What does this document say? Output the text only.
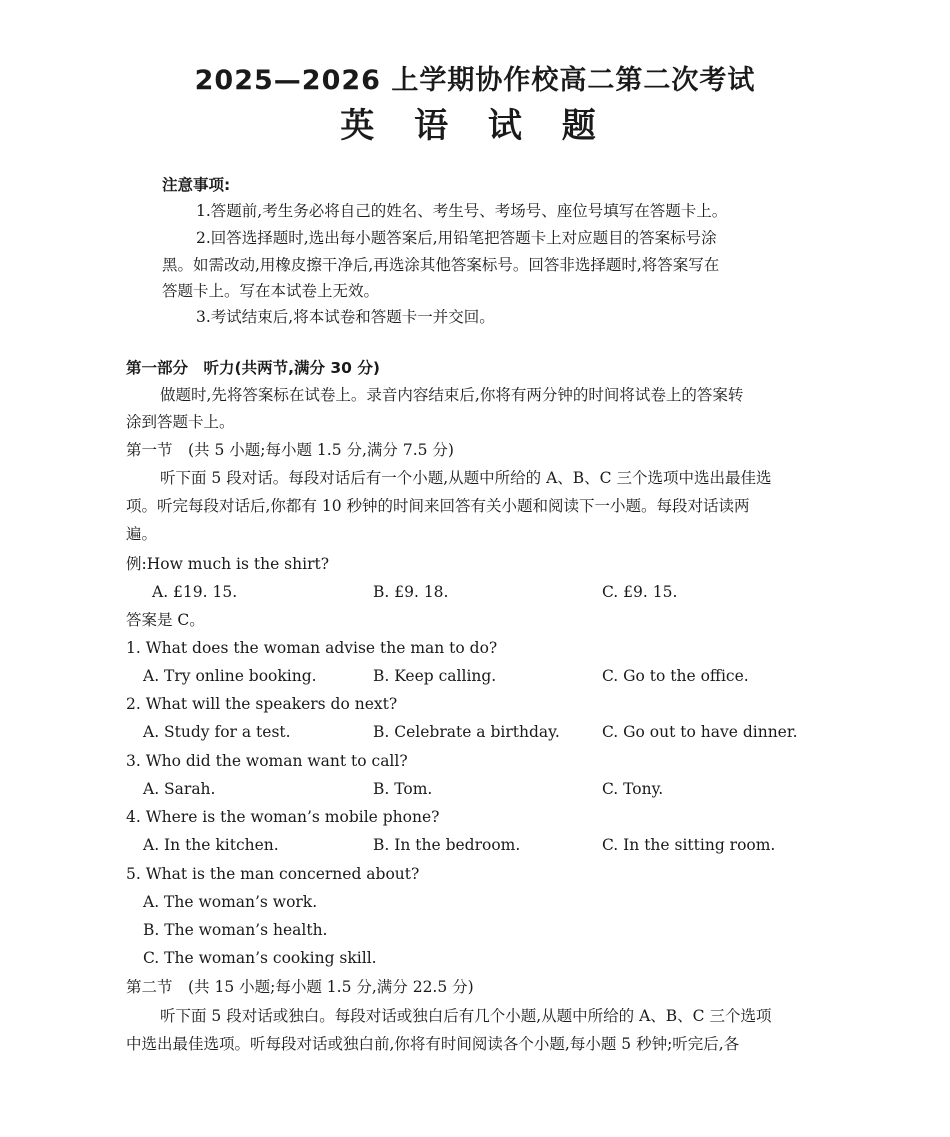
2025—2026 上学期协作校高二第二次考试
英 语 试 题
注意事项:
1.答题前,考生务必将自己的姓名、考生号、考场号、座位号填写在答题卡上。
2.回答选择题时,选出每小题答案后,用铅笔把答题卡上对应题目的答案标号涂
黑。如需改动,用橡皮擦干净后,再选涂其他答案标号。回答非选择题时,将答案写在
答题卡上。写在本试卷上无效。
3.考试结束后,将本试卷和答题卡一并交回。
第一部分　听力(共两节,满分 30 分)
做题时,先将答案标在试卷上。录音内容结束后,你将有两分钟的时间将试卷上的答案转
涂到答题卡上。
第一节　(共 5 小题;每小题 1.5 分,满分 7.5 分)
听下面 5 段对话。每段对话后有一个小题,从题中所给的 A、B、C 三个选项中选出最佳选
项。听完每段对话后,你都有 10 秒钟的时间来回答有关小题和阅读下一小题。每段对话读两
遍。
例:How much is the shirt?
A. £19. 15.	B. £9. 18.	C. £9. 15.
答案是 C。
1. What does the woman advise the man to do?
A. Try online booking.	B. Keep calling.	C. Go to the office.
2. What will the speakers do next?
A. Study for a test.	B. Celebrate a birthday.	C. Go out to have dinner.
3. Who did the woman want to call?
A. Sarah.	B. Tom.	C. Tony.
4. Where is the woman’s mobile phone?
A. In the kitchen.	B. In the bedroom.	C. In the sitting room.
5. What is the man concerned about?
A. The woman’s work.
B. The woman’s health.
C. The woman’s cooking skill.
第二节　(共 15 小题;每小题 1.5 分,满分 22.5 分)
听下面 5 段对话或独白。每段对话或独白后有几个小题,从题中所给的 A、B、C 三个选项
中选出最佳选项。听每段对话或独白前,你将有时间阅读各个小题,每小题 5 秒钟;听完后,各
